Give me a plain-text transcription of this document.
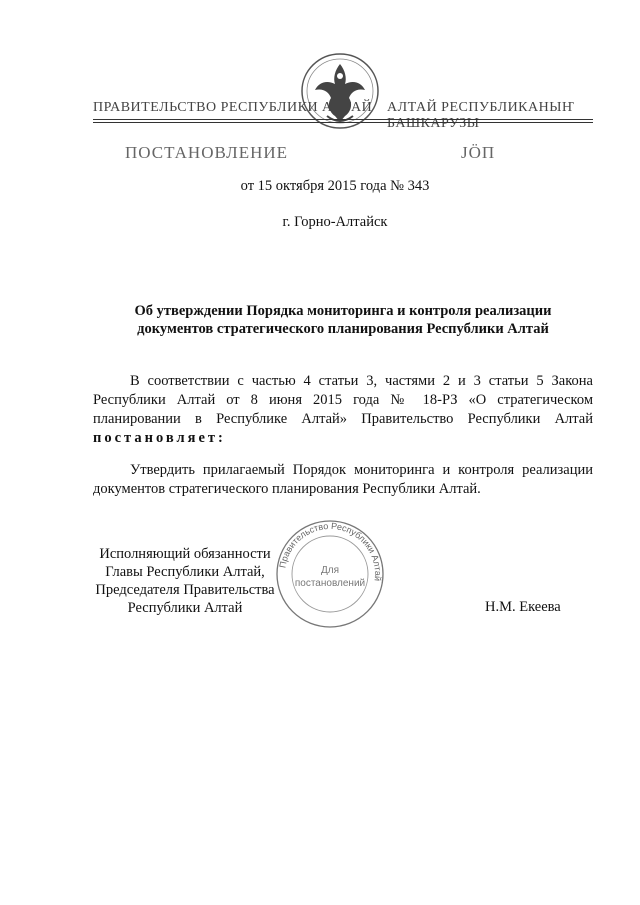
ПРАВИТЕЛЬСТВО РЕСПУБЛИКИ АЛТАЙ АЛТАЙ РЕСПУБЛИКАНЫҤ БАШКАРУЗЫ
ПОСТАНОВЛЕНИЕ	JӦП
от 15 октября 2015 года № 343
г. Горно-Алтайск
Об утверждении Порядка мониторинга и контроля реализации
документов стратегического планирования Республики Алтай
В соответствии с частью 4 статьи 3, частями 2 и 3 статьи 5 Закона Республики Алтай от 8 июня 2015 года № 18-РЗ «О стратегическом планировании в Республике Алтай» Правительство Республики Алтай постановляет:
Утвердить прилагаемый Порядок мониторинга и контроля реализации документов стратегического планирования Республики Алтай.
Исполняющий обязанности
Главы Республики Алтай,
Председателя Правительства
Республики Алтай	Н.М. Екеева
Правительство Республики Алтай
Для
постановлений
